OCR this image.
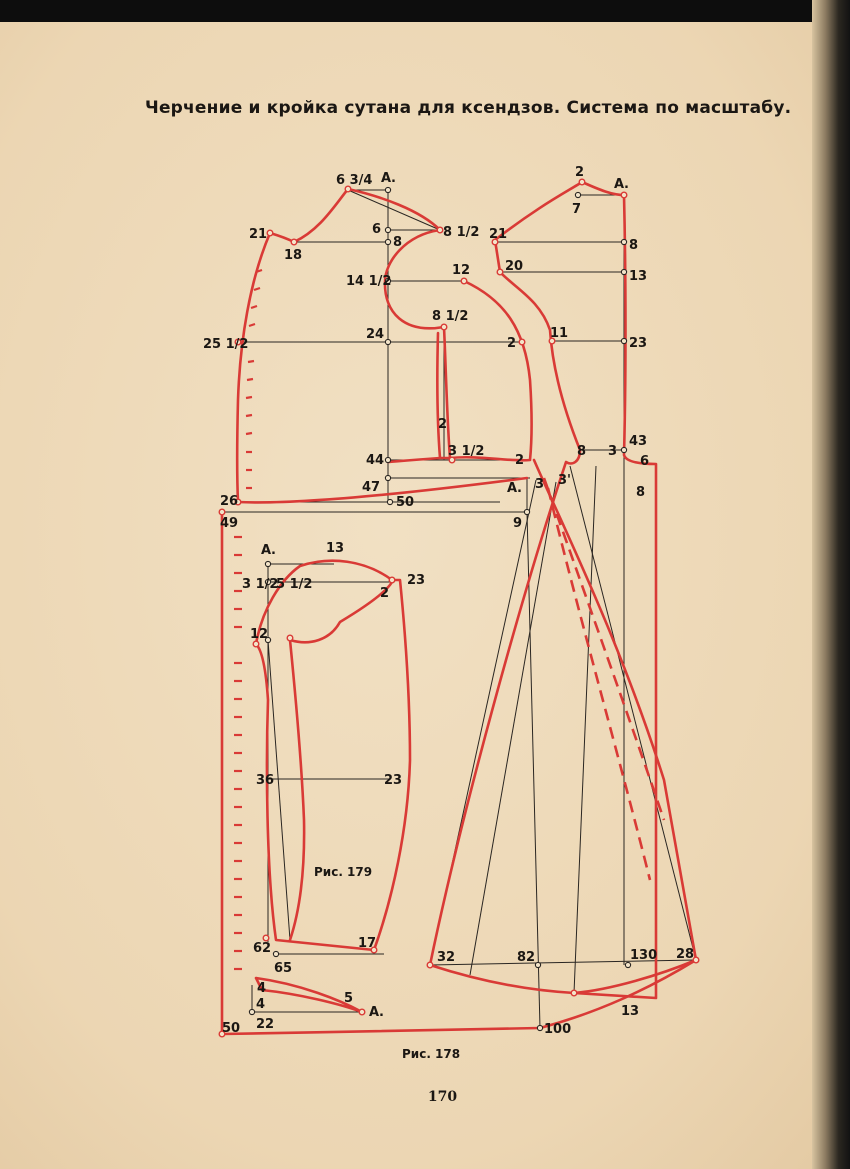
Черчение и кройка сутана для ксендзов. Система по масштабу.
6 3/4 А.
6
8
8 1/2
21
18
14 1/2
12
25 1/2
24
8 1/2
2
2
44
3 1/2
2
47
26	50
А.
2
А.
7
21
8
20
13
11
23
8 3
43
6
8
3 3'
49	9
32	82	130 28
13
100
50
А.	13
3 1/2
5 1/2	23
2
12
36	23
62	17
65
4
4	5
А.
22
Рис. 179
Рис. 178
170
